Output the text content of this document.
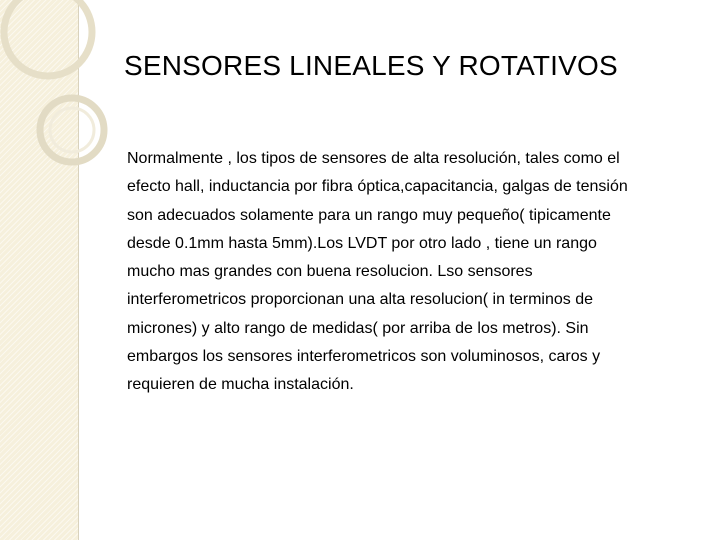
SENSORES LINEALES Y ROTATIVOS
Normalmente , los tipos de sensores de alta resolución, tales como el
efecto hall, inductancia por fibra óptica,capacitancia, galgas de tensión
son adecuados solamente para un rango muy pequeño( tipicamente
desde 0.1mm hasta 5mm).Los LVDT por otro lado , tiene un rango
mucho mas grandes con buena resolucion. Lso sensores
interferometricos proporcionan una alta resolucion( in terminos de
micrones) y alto rango de medidas( por arriba de los metros). Sin
embargos los sensores interferometricos son voluminosos, caros y
requieren de mucha instalación.
